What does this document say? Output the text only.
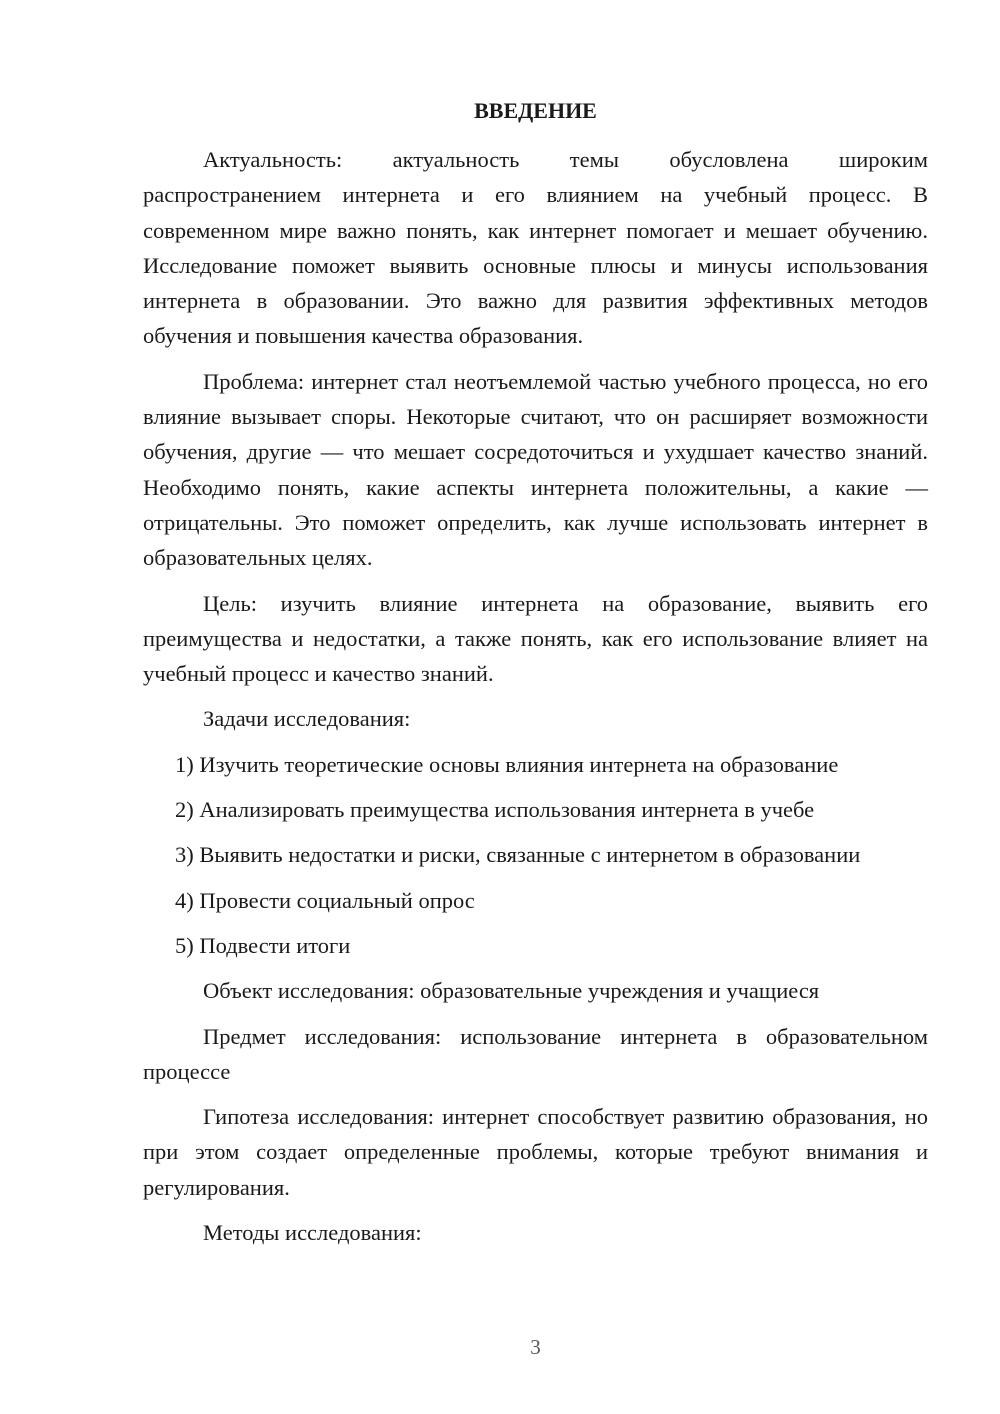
ВВЕДЕНИЕ

Актуальность: актуальность темы обусловлена широким распространением интернета и его влиянием на учебный процесс. В современном мире важно понять, как интернет помогает и мешает обучению. Исследование поможет выявить основные плюсы и минусы использования интернета в образовании. Это важно для развития эффективных методов обучения и повышения качества образования.

Проблема: интернет стал неотъемлемой частью учебного процесса, но его влияние вызывает споры. Некоторые считают, что он расширяет возможности обучения, другие — что мешает сосредоточиться и ухудшает качество знаний. Необходимо понять, какие аспекты интернета положительны, а какие — отрицательны. Это поможет определить, как лучше использовать интернет в образовательных целях.

Цель: изучить влияние интернета на образование, выявить его преимущества и недостатки, а также понять, как его использование влияет на учебный процесс и качество знаний.

Задачи исследования:

1) Изучить теоретические основы влияния интернета на образование

2) Анализировать преимущества использования интернета в учебе

3) Выявить недостатки и риски, связанные с интернетом в образовании

4) Провести социальный опрос

5) Подвести итоги

Объект исследования: образовательные учреждения и учащиеся

Предмет исследования: использование интернета в образовательном процессе

Гипотеза исследования: интернет способствует развитию образования, но при этом создает определенные проблемы, которые требуют внимания и регулирования.

Методы исследования:

3
